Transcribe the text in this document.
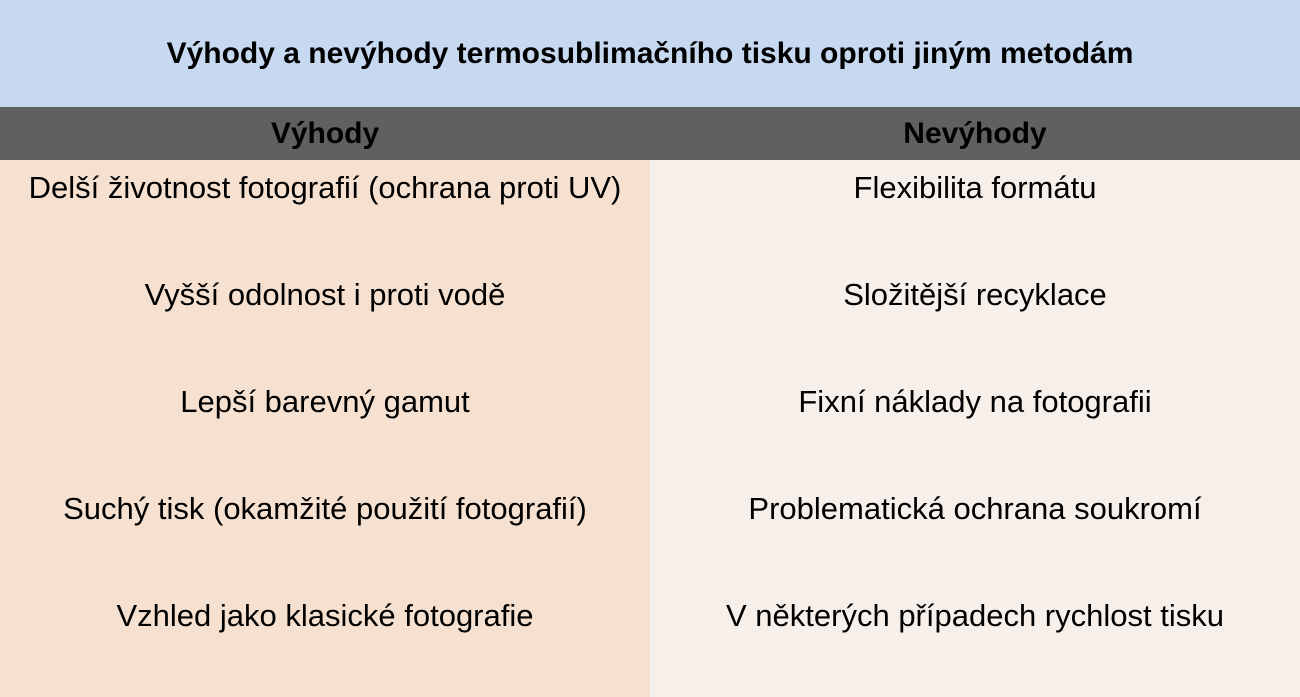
Výhody a nevýhody termosublimačního tisku oproti jiným metodám
Výhody	Nevýhody
Delší životnost fotografií (ochrana proti UV)
Vyšší odolnost i proti vodě
Lepší barevný gamut
Suchý tisk (okamžité použití fotografií)
Vzhled jako klasické fotografie
Flexibilita formátu
Složitější recyklace
Fixní náklady na fotografii
Problematická ochrana soukromí
V některých případech rychlost tisku
